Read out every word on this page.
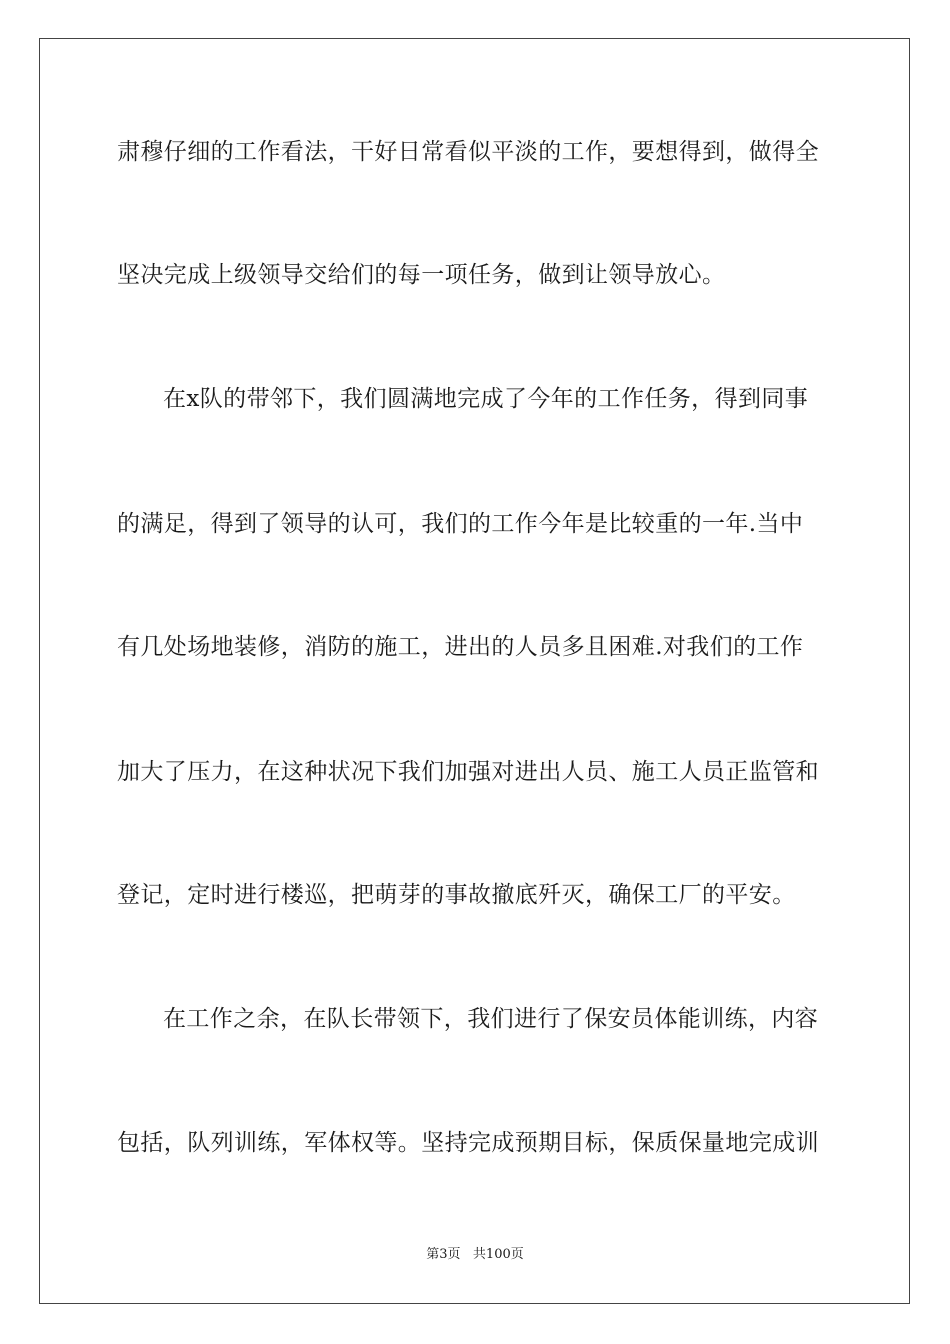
肃穆仔细的工作看法，干好日常看似平淡的工作，要想得到，做得全
坚决完成上级领导交给们的每一项任务，做到让领导放心。
在x队的带邻下，我们圆满地完成了今年的工作任务，得到同事
的满足，得到了领导的认可，我们的工作今年是比较重的一年.当中
有几处场地装修，消防的施工，进出的人员多且困难.对我们的工作
加大了压力，在这种状况下我们加强对进出人员、施工人员正监管和
登记，定时进行楼巡，把萌芽的事故撤底歼灭，确保工厂的平安。
在工作之余，在队长带领下，我们进行了保安员体能训练，内容
包括，队列训练，军体权等。坚持完成预期目标，保质保量地完成训
第3页 共100页
